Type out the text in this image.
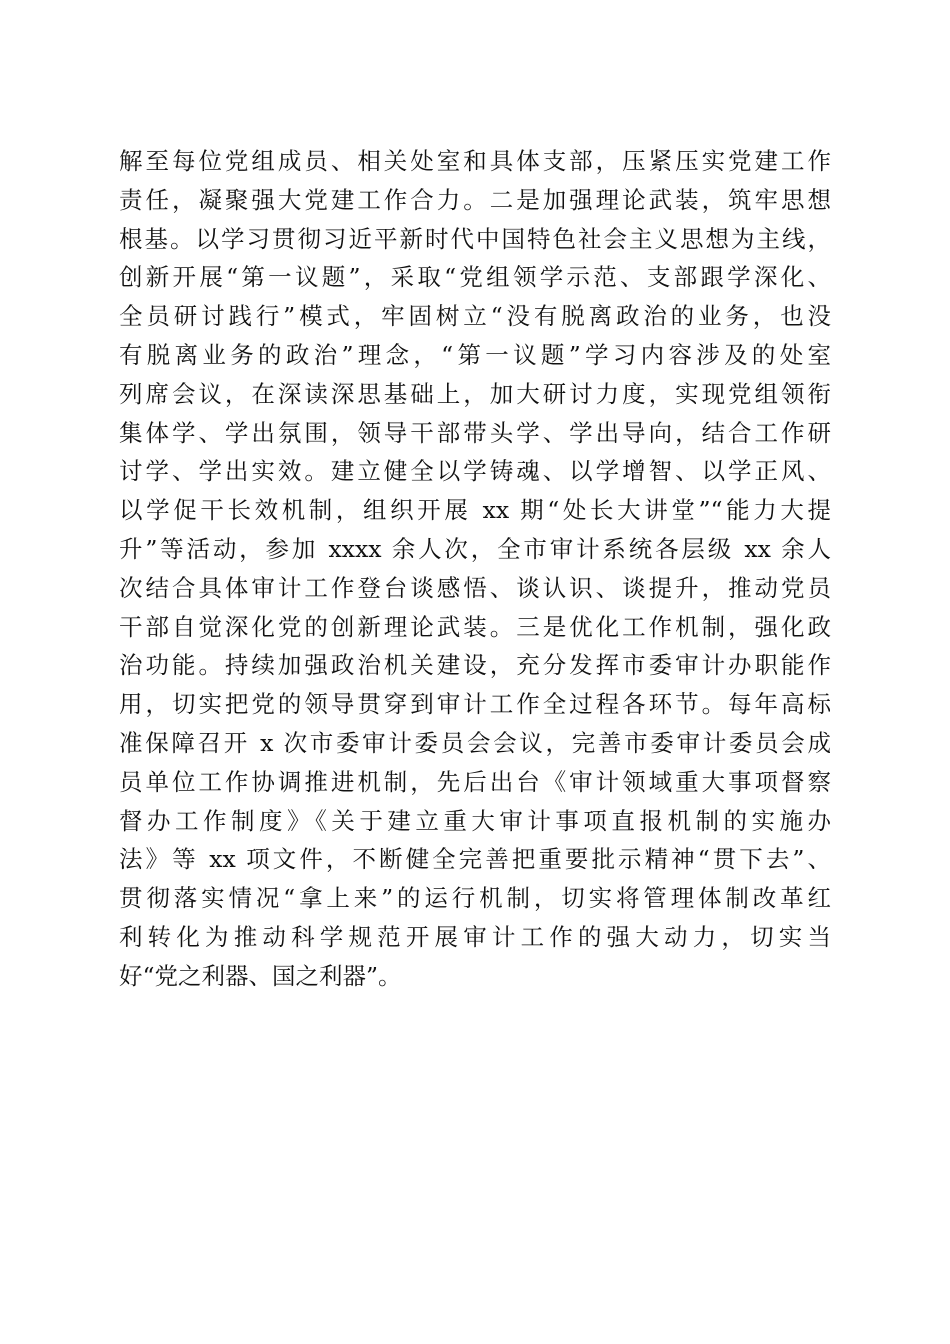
解至每位党组成员、相关处室和具体支部，压紧压实党建工作
责任，凝聚强大党建工作合力。二是加强理论武装，筑牢思想
根基。以学习贯彻习近平新时代中国特色社会主义思想为主线，
创新开展“第一议题”，采取“党组领学示范、支部跟学深化、
全员研讨践行”模式，牢固树立“没有脱离政治的业务，也没
有脱离业务的政治”理念，“第一议题”学习内容涉及的处室
列席会议，在深读深思基础上，加大研讨力度，实现党组领衔
集体学、学出氛围，领导干部带头学、学出导向，结合工作研
讨学、学出实效。建立健全以学铸魂、以学增智、以学正风、
以学促干长效机制，组织开展 xx 期“处长大讲堂”“能力大提
升”等活动，参加 xxxx 余人次，全市审计系统各层级 xx 余人
次结合具体审计工作登台谈感悟、谈认识、谈提升，推动党员
干部自觉深化党的创新理论武装。三是优化工作机制，强化政
治功能。持续加强政治机关建设，充分发挥市委审计办职能作
用，切实把党的领导贯穿到审计工作全过程各环节。每年高标
准保障召开 x 次市委审计委员会会议，完善市委审计委员会成
员单位工作协调推进机制，先后出台《审计领域重大事项督察
督办工作制度》《关于建立重大审计事项直报机制的实施办
法》等 xx 项文件，不断健全完善把重要批示精神“贯下去”、
贯彻落实情况“拿上来”的运行机制，切实将管理体制改革红
利转化为推动科学规范开展审计工作的强大动力，切实当
好“党之利器、国之利器”。
